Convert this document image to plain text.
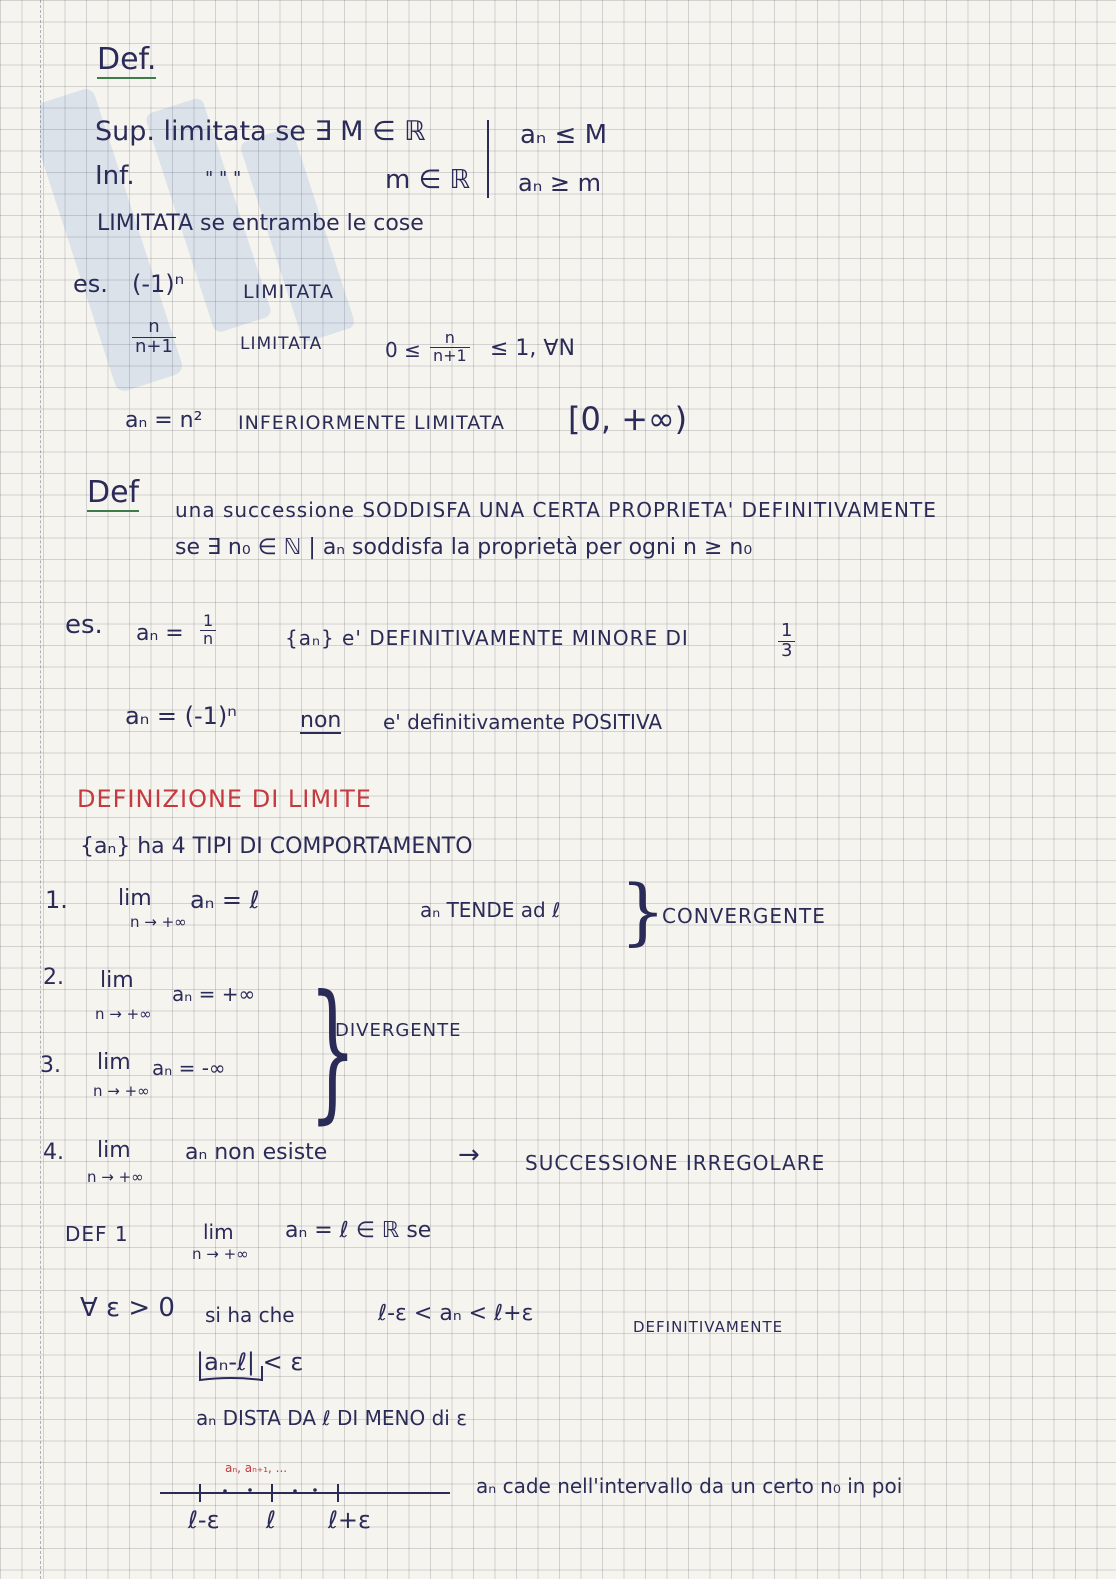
Def.
Sup. limitata se ∃ M ∈ ℝ	aₙ ≤ M
Inf.	" " "	m ∈ ℝ aₙ ≥ m
LIMITATA se entrambe le cose
es. (-1)ⁿ	LIMITATA
$\frac{n}{n+1}$	LIMITATA	$0 \le \frac{n}{n+1} \le 1$, ∀N
aₙ = n² INFERIORMENTE LIMITATA [0, +∞)
Def una successione SODDISFA UNA CERTA PROPRIETA' DEFINITIVAMENTE
se ∃ n₀ ∈ ℕ | aₙ soddisfa la proprietà per ogni n ≥ n₀
es. $a_n = \frac{1}{n}$	{aₙ} e' DEFINITIVAMENTE MINORE DI	$\frac{1}{3}$
aₙ = (-1)ⁿ	non e' definitivamente POSITIVA
DEFINIZIONE DI LIMITE
{aₙ} ha 4 TIPI DI COMPORTAMENTO
1. lim
n → +∞
aₙ = ℓ	aₙ TENDE ad ℓ }
CONVERGENTE
2. lim
n → +∞
aₙ = +∞
3. lim
n → +∞
aₙ = -∞ }
DIVERGENTE
4. lim
n → +∞
aₙ non esiste	→ SUCCESSIONE IRREGOLARE
DEF 1	lim
n → +∞
aₙ = ℓ ∈ ℝ se
∀ ε > 0 si ha che	ℓ-ε < aₙ < ℓ+ε
DEFINITIVAMENTE
|aₙ-ℓ| < ε
aₙ DISTA DA ℓ DI MENO di ε
aₙ, aₙ₊₁, ...
ℓ-ε ℓ ℓ+ε
aₙ cade nell'intervallo da un certo n₀ in poi
